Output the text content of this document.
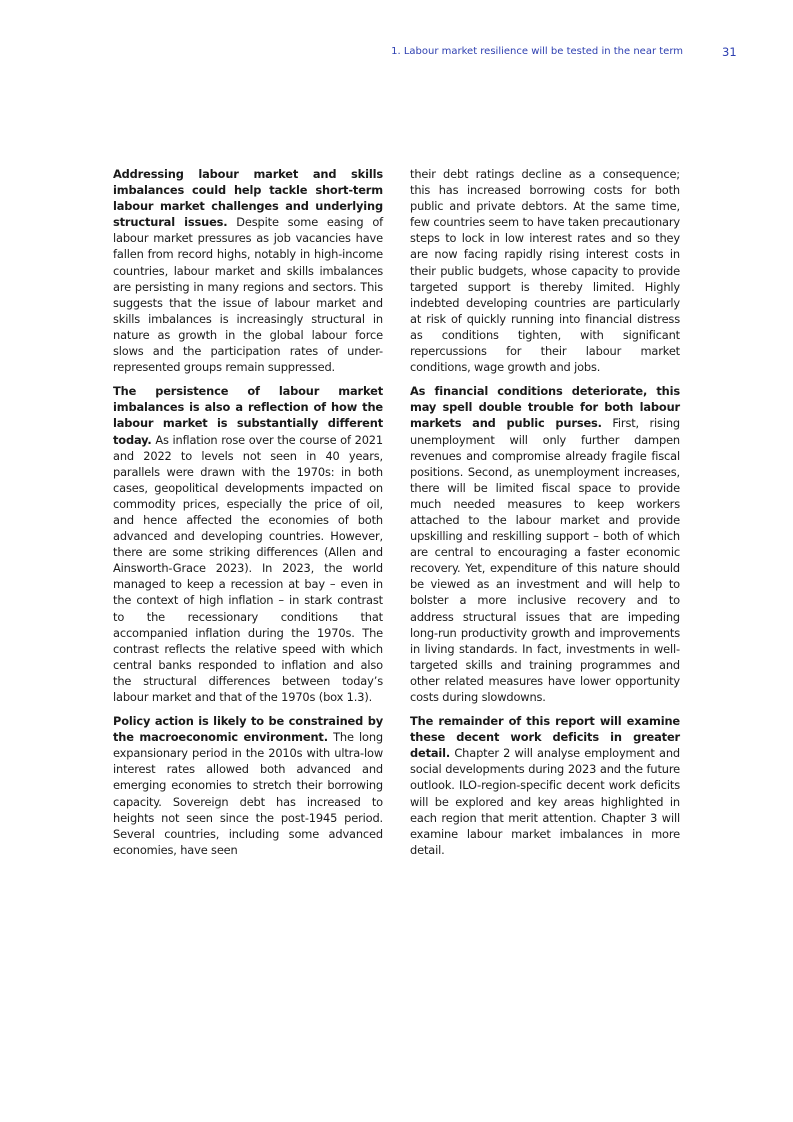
1. Labour market resilience will be tested in the near term	31

Addressing labour market and skills imbalances could help tackle short-term labour market challenges and underlying structural issues. Despite some easing of labour market pressures as job vacancies have fallen from record highs, notably in high-income countries, labour market and skills imbalances are persisting in many regions and sectors. This suggests that the issue of labour market and skills imbalances is increasingly structural in nature as growth in the global labour force slows and the participation rates of under-represented groups remain suppressed.

The persistence of labour market imbalances is also a reflection of how the labour market is substantially different today. As inflation rose over the course of 2021 and 2022 to levels not seen in 40 years, parallels were drawn with the 1970s: in both cases, geopolitical developments impacted on commodity prices, especially the price of oil, and hence affected the economies of both advanced and developing countries. However, there are some striking differences (Allen and Ainsworth-Grace 2023). In 2023, the world managed to keep a recession at bay – even in the context of high inflation – in stark contrast to the recessionary conditions that accompanied inflation during the 1970s. The contrast reflects the relative speed with which central banks responded to inflation and also the structural differences between today’s labour market and that of the 1970s (box 1.3).

Policy action is likely to be constrained by the macroeconomic environment. The long expansionary period in the 2010s with ultra-low interest rates allowed both advanced and emerging economies to stretch their borrowing capacity. Sovereign debt has increased to heights not seen since the post-1945 period. Several countries, including some advanced economies, have seen

their debt ratings decline as a consequence; this has increased borrowing costs for both public and private debtors. At the same time, few countries seem to have taken precautionary steps to lock in low interest rates and so they are now facing rapidly rising interest costs in their public budgets, whose capacity to provide targeted support is thereby limited. Highly indebted developing countries are particularly at risk of quickly running into financial distress as conditions tighten, with significant repercussions for their labour market conditions, wage growth and jobs.

As financial conditions deteriorate, this may spell double trouble for both labour markets and public purses. First, rising unemployment will only further dampen revenues and compromise already fragile fiscal positions. Second, as unemployment increases, there will be limited fiscal space to provide much needed measures to keep workers attached to the labour market and provide upskilling and reskilling support – both of which are central to encouraging a faster economic recovery. Yet, expenditure of this nature should be viewed as an investment and will help to bolster a more inclusive recovery and to address structural issues that are impeding long-run productivity growth and improvements in living standards. In fact, investments in well-targeted skills and training programmes and other related measures have lower opportunity costs during slowdowns.

The remainder of this report will examine these decent work deficits in greater detail. Chapter 2 will analyse employment and social developments during 2023 and the future outlook. ILO-region-specific decent work deficits will be explored and key areas highlighted in each region that merit attention. Chapter 3 will examine labour market imbalances in more detail.
